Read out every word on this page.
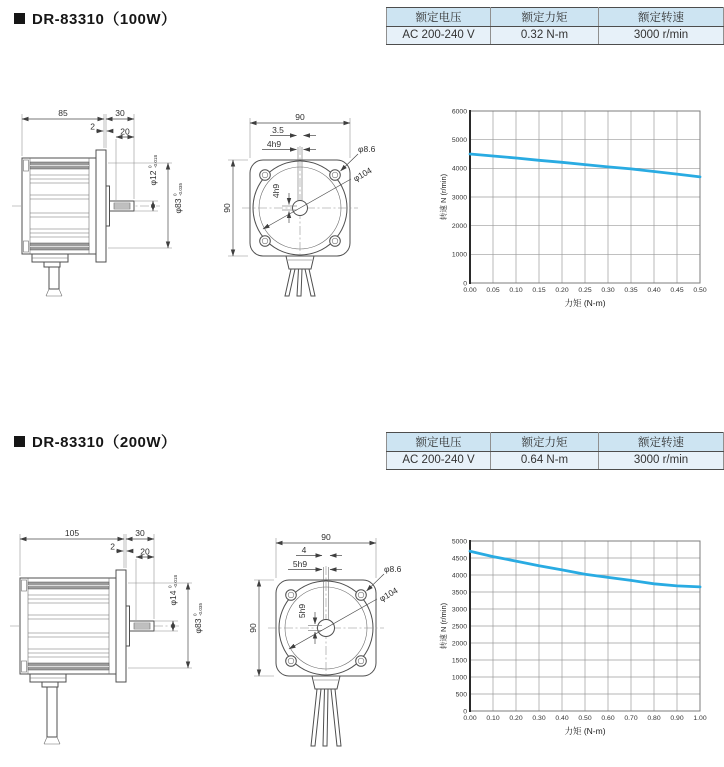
DR-83310（100W）	额定电压	额定力矩	额定转速
AC 200-240 V	0.32 N-m	3000 r/min
85
2
30
20
φ12
0 -0.018
φ83
0 -0.035
90
90
3.5
4h9
4h9
φ8.6
φ104
0
1000
2000
3000
4000
5000
6000
0.00 0.05 0.10 0.15 0.20 0.25 0.30 0.35 0.40 0.45 0.50
转速 N (r/min)
力矩 (N-m)
DR-83310（200W）	额定电压	额定力矩	额定转速
AC 200-240 V	0.64 N-m	3000 r/min
105
2
30
20
φ14
0 -0.018
φ83
0 -0.035
90
90
4
5h9
5h9
φ8.6
φ104
0
500
1000
1500
2000
2500
3000
3500
4000
4500
5000
0.00 0.10 0.20 0.30 0.40 0.50 0.60 0.70 0.80 0.90 1.00
转速 N (r/min)
力矩 (N-m)
